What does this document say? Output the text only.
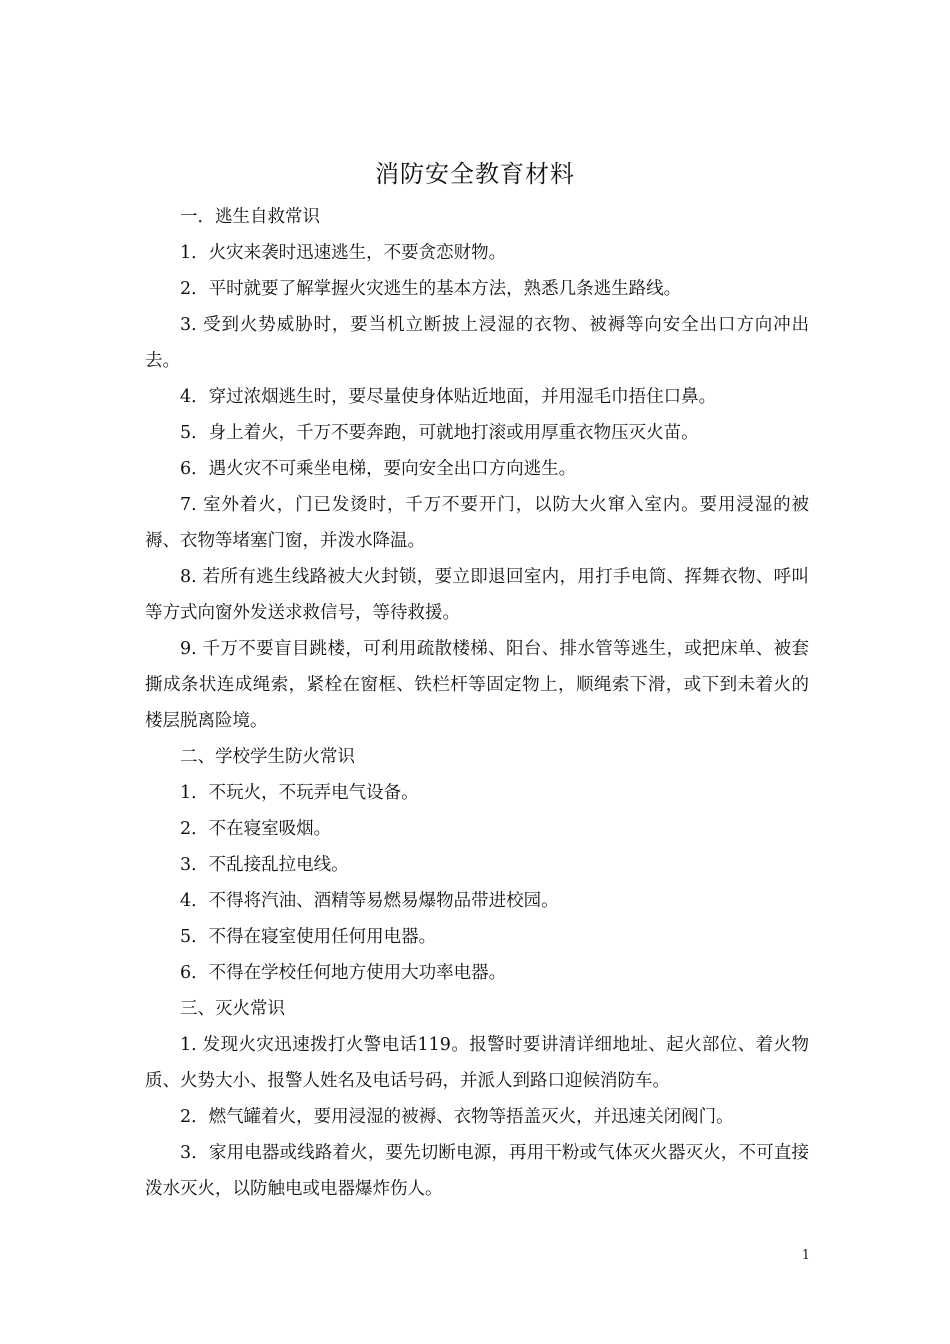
消防安全教育材料

一．逃生自救常识

1．火灾来袭时迅速逃生，不要贪恋财物。

2．平时就要了解掌握火灾逃生的基本方法，熟悉几条逃生路线。

3. 受到火势威胁时，要当机立断披上浸湿的衣物、被褥等向安全出口方向冲出去。

4．穿过浓烟逃生时，要尽量使身体贴近地面，并用湿毛巾捂住口鼻。

5．身上着火，千万不要奔跑，可就地打滚或用厚重衣物压灭火苗。

6．遇火灾不可乘坐电梯，要向安全出口方向逃生。

7. 室外着火，门已发烫时，千万不要开门，以防大火窜入室内。要用浸湿的被褥、衣物等堵塞门窗，并泼水降温。

8. 若所有逃生线路被大火封锁，要立即退回室内，用打手电筒、挥舞衣物、呼叫等方式向窗外发送求救信号，等待救援。

9. 千万不要盲目跳楼，可利用疏散楼梯、阳台、排水管等逃生，或把床单、被套撕成条状连成绳索，紧栓在窗框、铁栏杆等固定物上，顺绳索下滑，或下到未着火的楼层脱离险境。

二、学校学生防火常识

1．不玩火，不玩弄电气设备。

2．不在寝室吸烟。

3．不乱接乱拉电线。

4．不得将汽油、酒精等易燃易爆物品带进校园。

5．不得在寝室使用任何用电器。

6．不得在学校任何地方使用大功率电器。

三、灭火常识

1. 发现火灾迅速拨打火警电话119。报警时要讲清详细地址、起火部位、着火物质、火势大小、报警人姓名及电话号码，并派人到路口迎候消防车。

2．燃气罐着火，要用浸湿的被褥、衣物等捂盖灭火，并迅速关闭阀门。

3．家用电器或线路着火，要先切断电源，再用干粉或气体灭火器灭火，不可直接泼水灭火，以防触电或电器爆炸伤人。

1
